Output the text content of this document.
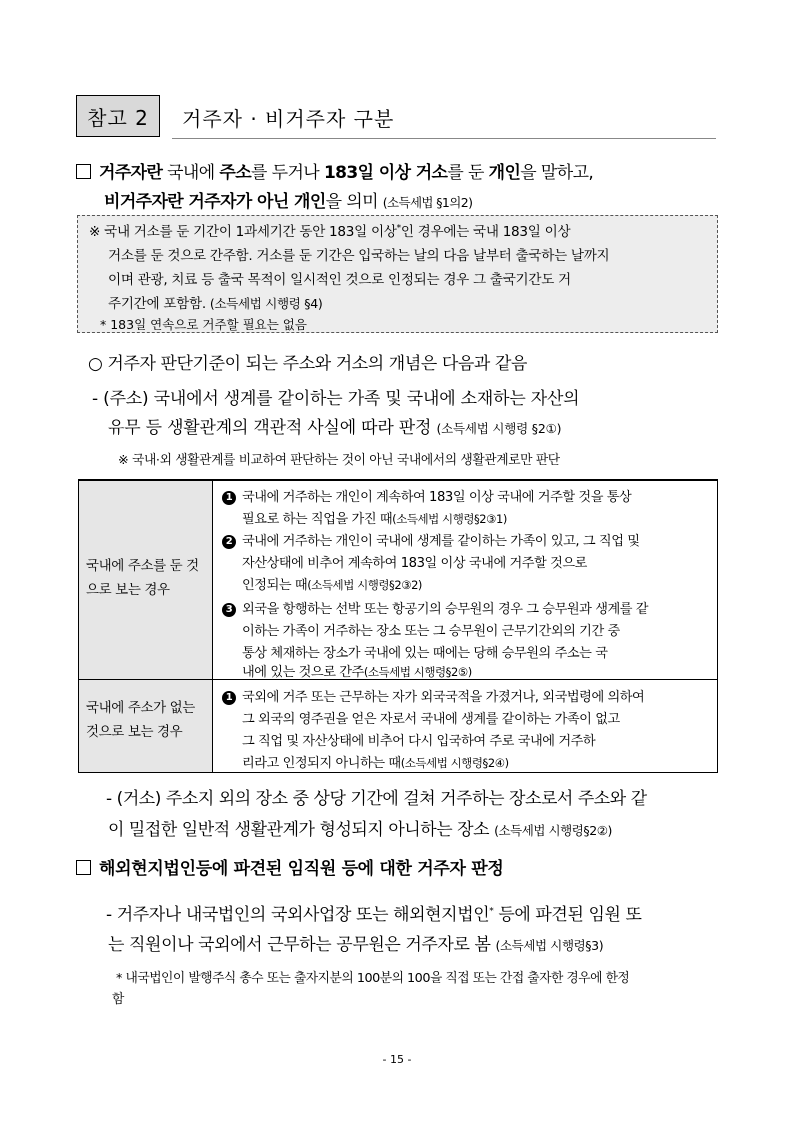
참고 2 거주자 · 비거주자 구분
거주자란 국내에 주소를 두거나 183일 이상 거소를 둔 개인을 말하고,
비거주자란 거주자가 아닌 개인을 의미 (소득세법 §1의2)
※ 국내 거소를 둔 기간이 1과세기간 동안 183일 이상*인 경우에는 국내 183일 이상
거소를 둔 것으로 간주함. 거소를 둔 기간은 입국하는 날의 다음 날부터 출국하는 날까지
이며 관광, 치료 등 출국 목적이 일시적인 것으로 인정되는 경우 그 출국기간도 거
주기간에 포함함. (소득세법 시행령 §4)
* 183일 연속으로 거주할 필요는 없음
○ 거주자 판단기준이 되는 주소와 거소의 개념은 다음과 같음
- (주소) 국내에서 생계를 같이하는 가족 및 국내에 소재하는 자산의
유무 등 생활관계의 객관적 사실에 따라 판정 (소득세법 시행령 §2①)
※ 국내·외 생활관계를 비교하여 판단하는 것이 아닌 국내에서의 생활관계로만 판단
국내에 주소를 둔 것
으로 보는 경우
국내에 주소가 없는
것으로 보는 경우
1 국내에 거주하는 개인이 계속하여 183일 이상 국내에 거주할 것을 통상
필요로 하는 직업을 가진 때(소득세법 시행령§2③1)
2 국내에 거주하는 개인이 국내에 생계를 같이하는 가족이 있고, 그 직업 및
자산상태에 비추어 계속하여 183일 이상 국내에 거주할 것으로
인정되는 때(소득세법 시행령§2③2)
3 외국을 항행하는 선박 또는 항공기의 승무원의 경우 그 승무원과 생계를 같
이하는 가족이 거주하는 장소 또는 그 승무원이 근무기간외의 기간 중
통상 체재하는 장소가 국내에 있는 때에는 당해 승무원의 주소는 국
내에 있는 것으로 간주(소득세법 시행령§2⑤)
1 국외에 거주 또는 근무하는 자가 외국국적을 가졌거나, 외국법령에 의하여
그 외국의 영주권을 얻은 자로서 국내에 생계를 같이하는 가족이 없고
그 직업 및 자산상태에 비추어 다시 입국하여 주로 국내에 거주하
리라고 인정되지 아니하는 때(소득세법 시행령§2④)
- (거소) 주소지 외의 장소 중 상당 기간에 걸쳐 거주하는 장소로서 주소와 같
이 밀접한 일반적 생활관계가 형성되지 아니하는 장소 (소득세법 시행령§2②)
해외현지법인등에 파견된 임직원 등에 대한 거주자 판정
- 거주자나 내국법인의 국외사업장 또는 해외현지법인* 등에 파견된 임원 또
는 직원이나 국외에서 근무하는 공무원은 거주자로 봄 (소득세법 시행령§3)
* 내국법인이 발행주식 총수 또는 출자지분의 100분의 100을 직접 또는 간접 출자한 경우에 한정
함
- 15 -
